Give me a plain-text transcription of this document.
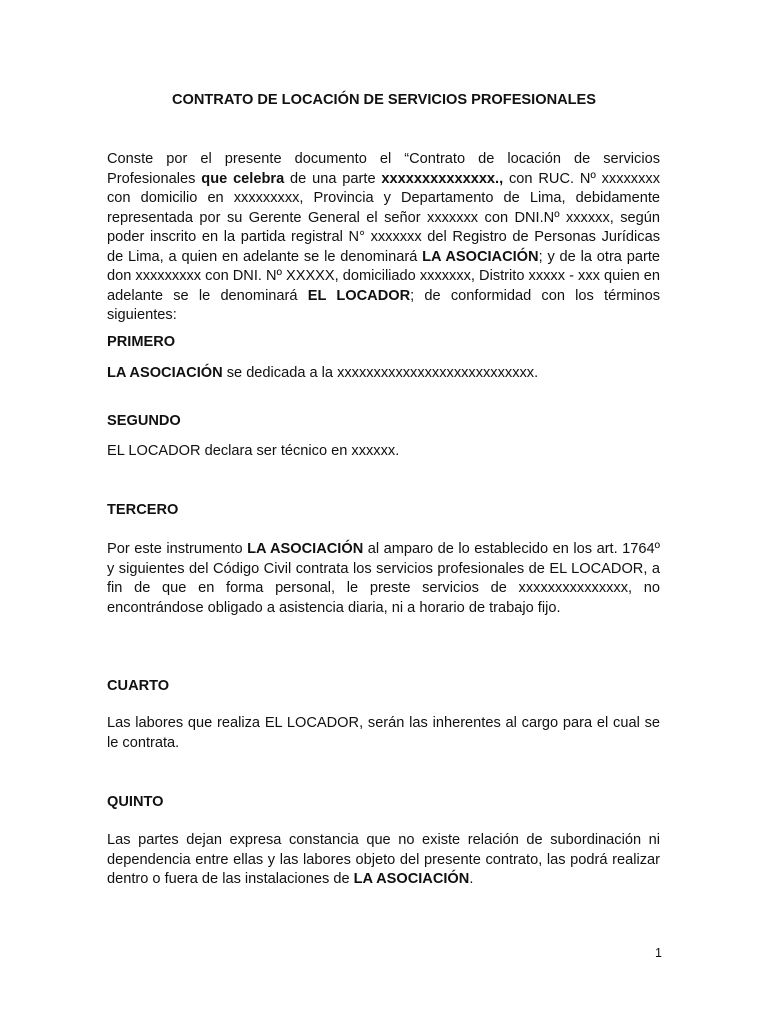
CONTRATO DE LOCACIÓN DE SERVICIOS PROFESIONALES
Conste por el presente documento el “Contrato de locación de servicios Profesionales que celebra de una parte xxxxxxxxxxxxxx., con RUC. Nº xxxxxxxx con domicilio en xxxxxxxxx, Provincia y Departamento de Lima, debidamente representada por su Gerente General el señor xxxxxxx con DNI.Nº xxxxxx, según poder inscrito en la partida registral N° xxxxxxx del Registro de Personas Jurídicas de Lima, a quien en adelante se le denominará LA ASOCIACIÓN; y de la otra parte don xxxxxxxxx con DNI. Nº XXXXX, domiciliado xxxxxxx, Distrito xxxxx - xxx quien en adelante se le denominará EL LOCADOR; de conformidad con los términos siguientes:
PRIMERO
LA ASOCIACIÓN se dedicada a la xxxxxxxxxxxxxxxxxxxxxxxxxxx.
SEGUNDO
EL LOCADOR declara ser técnico en xxxxxx.
TERCERO
Por este instrumento LA ASOCIACIÓN al amparo de lo establecido en los art. 1764º y siguientes del Código Civil contrata los servicios profesionales de EL LOCADOR, a fin de que en forma personal, le preste servicios de xxxxxxxxxxxxxxx, no encontrándose obligado a asistencia diaria, ni a horario de trabajo fijo.
CUARTO
Las labores que realiza EL LOCADOR, serán las inherentes al cargo para el cual se le contrata.
QUINTO
Las partes dejan expresa constancia que no existe relación de subordinación ni dependencia entre ellas y las labores objeto del presente contrato, las podrá realizar dentro o fuera de las instalaciones de LA ASOCIACIÓN.
1
